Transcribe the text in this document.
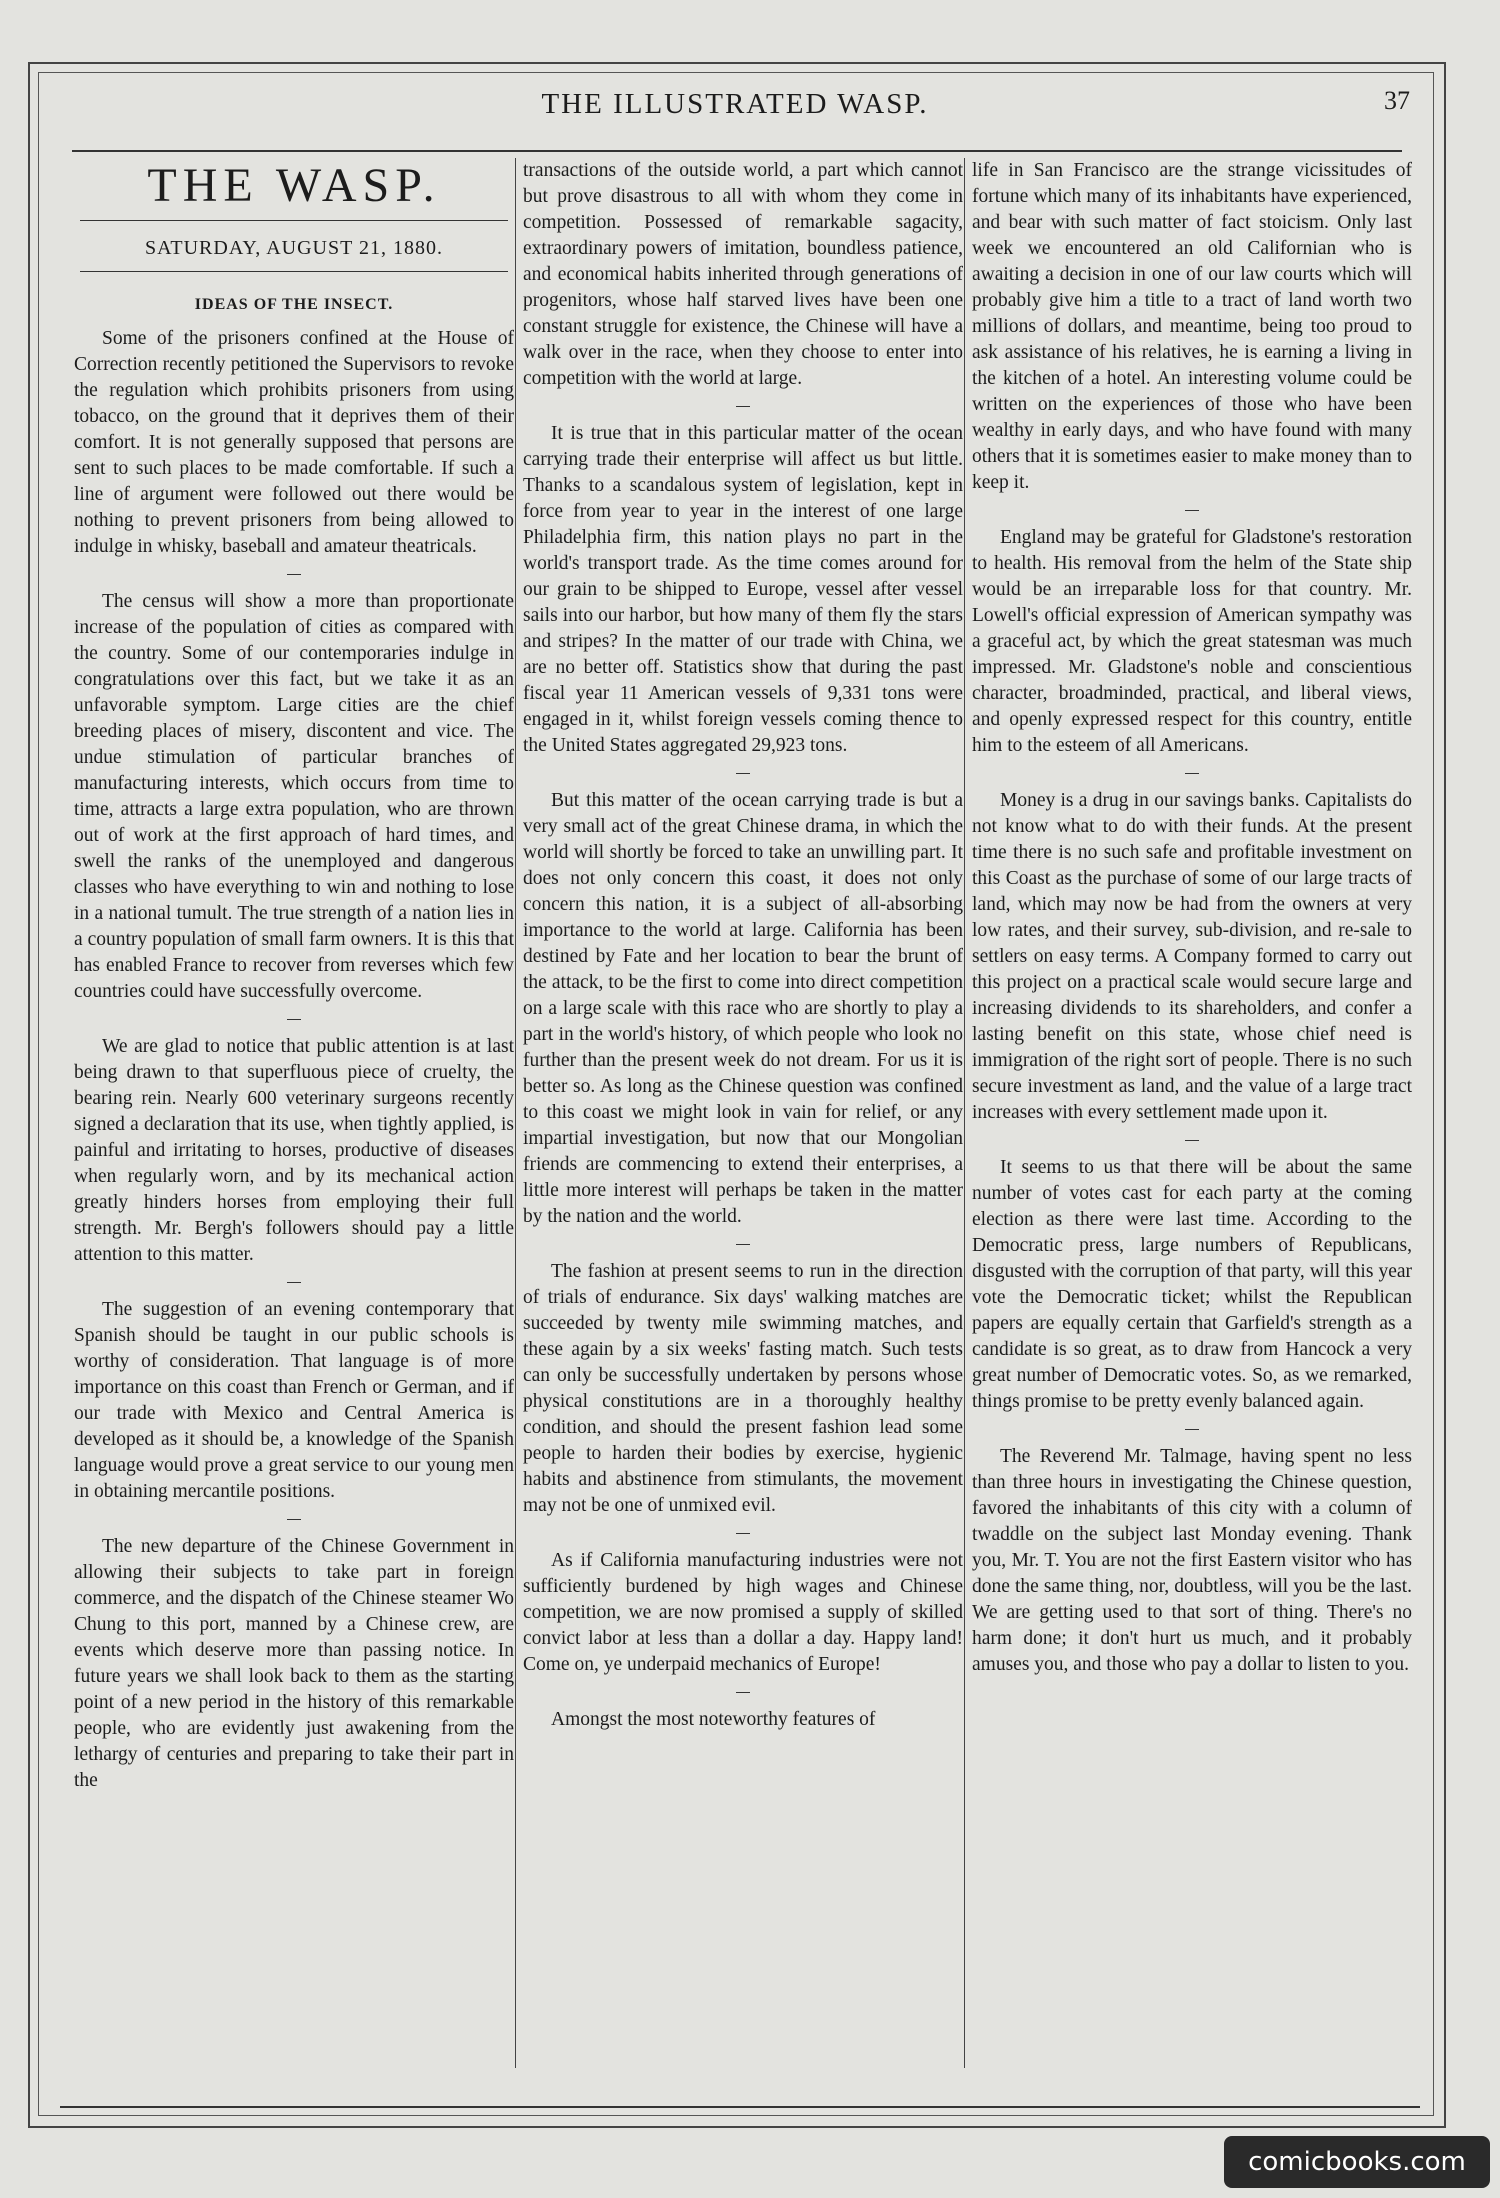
THE ILLUSTRATED WASP.	37
THE WASP.
SATURDAY, AUGUST 21, 1880.
IDEAS OF THE INSECT.

Some of the prisoners confined at the House of Correction recently petitioned the Supervisors to revoke the regulation which prohibits prisoners from using tobacco, on the ground that it deprives them of their comfort. It is not generally supposed that persons are sent to such places to be made comfortable. If such a line of argument were followed out there would be nothing to prevent prisoners from being allowed to indulge in whisky, baseball and amateur theatricals.

The census will show a more than proportionate increase of the population of cities as compared with the country. Some of our contemporaries indulge in congratulations over this fact, but we take it as an unfavorable symptom. Large cities are the chief breeding places of misery, discontent and vice. The undue stimulation of particular branches of manufacturing interests, which occurs from time to time, attracts a large extra population, who are thrown out of work at the first approach of hard times, and swell the ranks of the unemployed and dangerous classes who have everything to win and nothing to lose in a national tumult. The true strength of a nation lies in a country population of small farm owners. It is this that has enabled France to recover from reverses which few countries could have successfully overcome.

We are glad to notice that public attention is at last being drawn to that superfluous piece of cruelty, the bearing rein. Nearly 600 veterinary surgeons recently signed a declaration that its use, when tightly applied, is painful and irritating to horses, productive of diseases when regularly worn, and by its mechanical action greatly hinders horses from employing their full strength. Mr. Bergh's followers should pay a little attention to this matter.

The suggestion of an evening contemporary that Spanish should be taught in our public schools is worthy of consideration. That language is of more importance on this coast than French or German, and if our trade with Mexico and Central America is developed as it should be, a knowledge of the Spanish language would prove a great service to our young men in obtaining mercantile positions.

The new departure of the Chinese Government in allowing their subjects to take part in foreign commerce, and the dispatch of the Chinese steamer Wo Chung to this port, manned by a Chinese crew, are events which deserve more than passing notice. In future years we shall look back to them as the starting point of a new period in the history of this remarkable people, who are evidently just awakening from the lethargy of centuries and preparing to take their part in the

transactions of the outside world, a part which cannot but prove disastrous to all with whom they come in competition. Possessed of remarkable sagacity, extraordinary powers of imitation, boundless patience, and economical habits inherited through generations of progenitors, whose half starved lives have been one constant struggle for existence, the Chinese will have a walk over in the race, when they choose to enter into competition with the world at large.

It is true that in this particular matter of the ocean carrying trade their enterprise will affect us but little. Thanks to a scandalous system of legislation, kept in force from year to year in the interest of one large Philadelphia firm, this nation plays no part in the world's transport trade. As the time comes around for our grain to be shipped to Europe, vessel after vessel sails into our harbor, but how many of them fly the stars and stripes? In the matter of our trade with China, we are no better off. Statistics show that during the past fiscal year 11 American vessels of 9,331 tons were engaged in it, whilst foreign vessels coming thence to the United States aggregated 29,923 tons.

But this matter of the ocean carrying trade is but a very small act of the great Chinese drama, in which the world will shortly be forced to take an unwilling part. It does not only concern this coast, it does not only concern this nation, it is a subject of all-absorbing importance to the world at large. California has been destined by Fate and her location to bear the brunt of the attack, to be the first to come into direct competition on a large scale with this race who are shortly to play a part in the world's history, of which people who look no further than the present week do not dream. For us it is better so. As long as the Chinese question was confined to this coast we might look in vain for relief, or any impartial investigation, but now that our Mongolian friends are commencing to extend their enterprises, a little more interest will perhaps be taken in the matter by the nation and the world.

The fashion at present seems to run in the direction of trials of endurance. Six days' walking matches are succeeded by twenty mile swimming matches, and these again by a six weeks' fasting match. Such tests can only be successfully undertaken by persons whose physical constitutions are in a thoroughly healthy condition, and should the present fashion lead some people to harden their bodies by exercise, hygienic habits and abstinence from stimulants, the movement may not be one of unmixed evil.

As if California manufacturing industries were not sufficiently burdened by high wages and Chinese competition, we are now promised a supply of skilled convict labor at less than a dollar a day. Happy land! Come on, ye underpaid mechanics of Europe!

Amongst the most noteworthy features of

life in San Francisco are the strange vicissitudes of fortune which many of its inhabitants have experienced, and bear with such matter of fact stoicism. Only last week we encountered an old Californian who is awaiting a decision in one of our law courts which will probably give him a title to a tract of land worth two millions of dollars, and meantime, being too proud to ask assistance of his relatives, he is earning a living in the kitchen of a hotel. An interesting volume could be written on the experiences of those who have been wealthy in early days, and who have found with many others that it is sometimes easier to make money than to keep it.

England may be grateful for Gladstone's restoration to health. His removal from the helm of the State ship would be an irreparable loss for that country. Mr. Lowell's official expression of American sympathy was a graceful act, by which the great statesman was much impressed. Mr. Gladstone's noble and conscientious character, broadminded, practical, and liberal views, and openly expressed respect for this country, entitle him to the esteem of all Americans.

Money is a drug in our savings banks. Capitalists do not know what to do with their funds. At the present time there is no such safe and profitable investment on this Coast as the purchase of some of our large tracts of land, which may now be had from the owners at very low rates, and their survey, sub-division, and re-sale to settlers on easy terms. A Company formed to carry out this project on a practical scale would secure large and increasing dividends to its shareholders, and confer a lasting benefit on this state, whose chief need is immigration of the right sort of people. There is no such secure investment as land, and the value of a large tract increases with every settlement made upon it.

It seems to us that there will be about the same number of votes cast for each party at the coming election as there were last time. According to the Democratic press, large numbers of Republicans, disgusted with the corruption of that party, will this year vote the Democratic ticket; whilst the Republican papers are equally certain that Garfield's strength as a candidate is so great, as to draw from Hancock a very great number of Democratic votes. So, as we remarked, things promise to be pretty evenly balanced again.

The Reverend Mr. Talmage, having spent no less than three hours in investigating the Chinese question, favored the inhabitants of this city with a column of twaddle on the subject last Monday evening. Thank you, Mr. T. You are not the first Eastern visitor who has done the same thing, nor, doubtless, will you be the last. We are getting used to that sort of thing. There's no harm done; it don't hurt us much, and it probably amuses you, and those who pay a dollar to listen to you.

comicbooks.com
